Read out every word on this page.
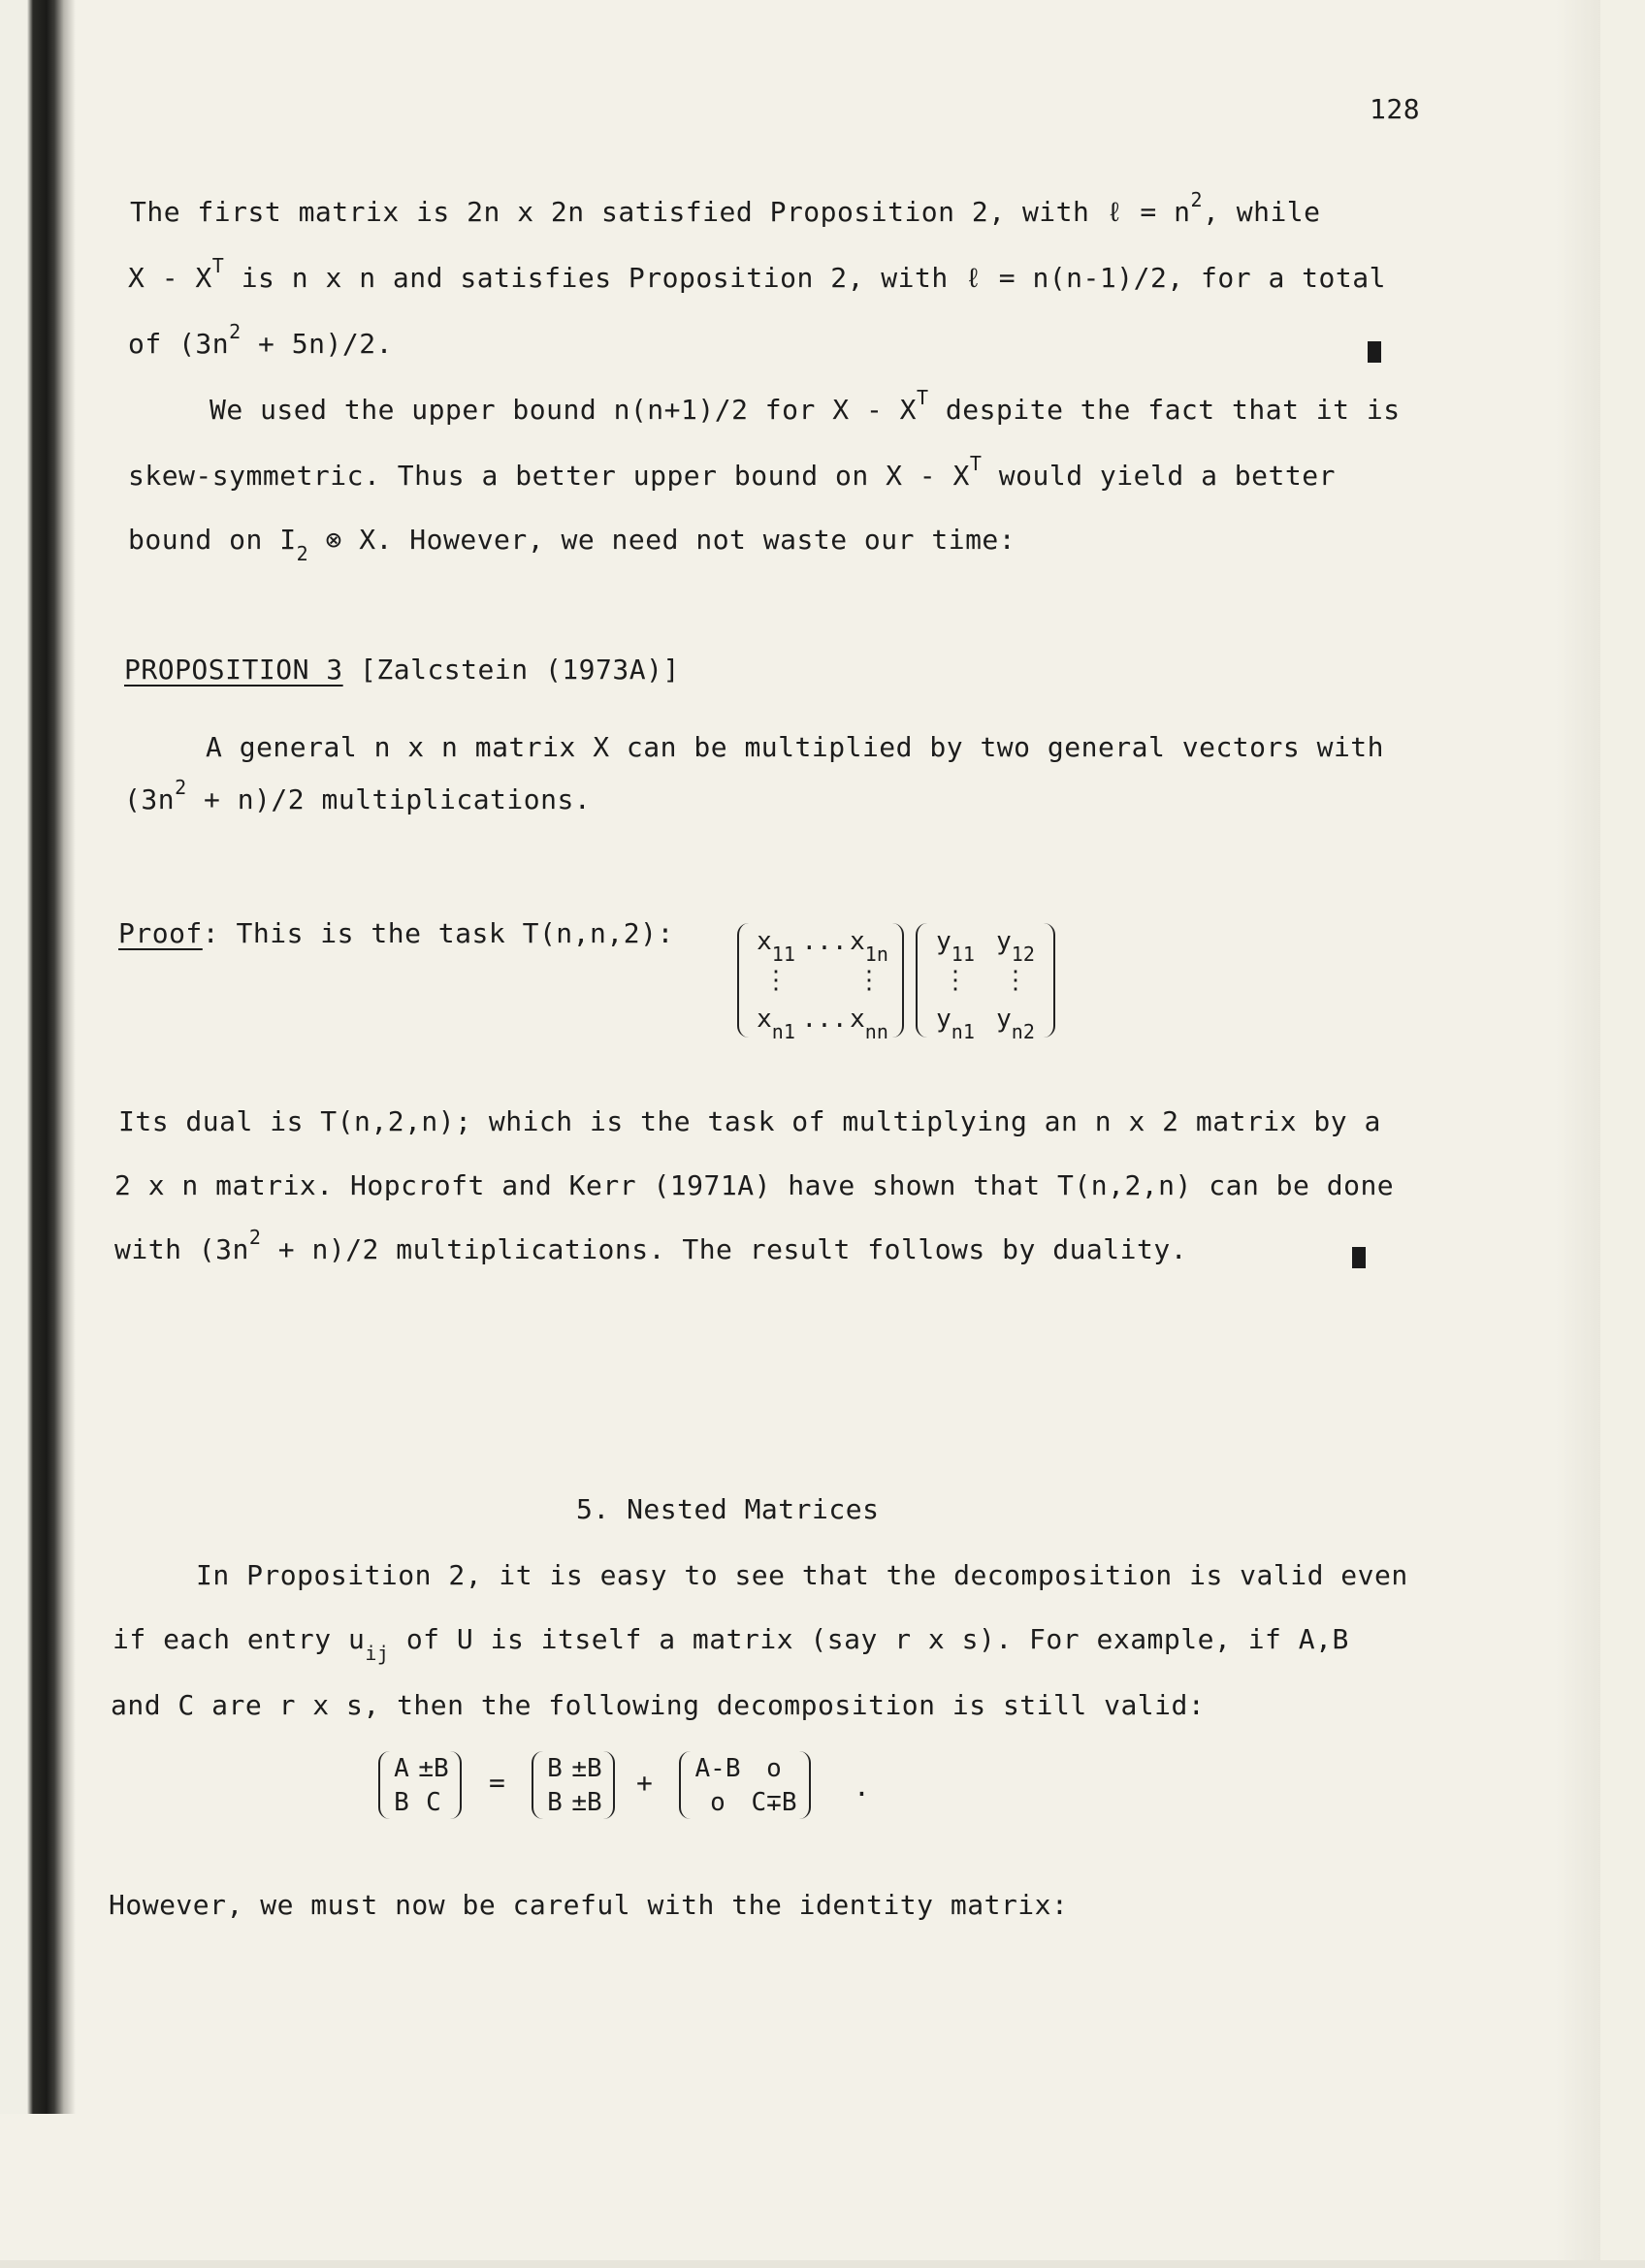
128
The first matrix is 2n x 2n satisfied Proposition 2, with ℓ = $n^2$, while
X - $X^T$ is n x n and satisfies Proposition 2, with ℓ = n(n-1)/2, for a total
of $(3n^2 + 5n)/2$.
We used the upper bound n(n+1)/2 for X - $X^T$ despite the fact that it is
skew-symmetric. Thus a better upper bound on X - $X^T$ would yield a better
bound on $I_2$ ⊗ X. However, we need not waste our time:
PROPOSITION 3 [Zalcstein (1973A)]
A general n x n matrix X can be multiplied by two general vectors with
$(3n^2 + n)/2$ multiplications.
Proof: This is the task T(n,n,2):	$x_{11}$ ... $x_{1n}$
⋮	⋮
$x_{n1}$ ... $x_{nn}$
$y_{11}$ $y_{12}$
⋮ ⋮
$y_{n1}$ $y_{n2}$
Its dual is T(n,2,n); which is the task of multiplying an n x 2 matrix by a
2 x n matrix. Hopcroft and Kerr (1971A) have shown that T(n,2,n) can be done
with $(3n^2 + n)/2$ multiplications. The result follows by duality.
5. Nested Matrices
In Proposition 2, it is easy to see that the decomposition is valid even
if each entry $u_{ij}$ of U is itself a matrix (say r x s). For example, if A,B
and C are r x s, then the following decomposition is still valid:
A ±B
B C
= B ±B
B ±B
+ A-B o
o C∓B .
However, we must now be careful with the identity matrix:
